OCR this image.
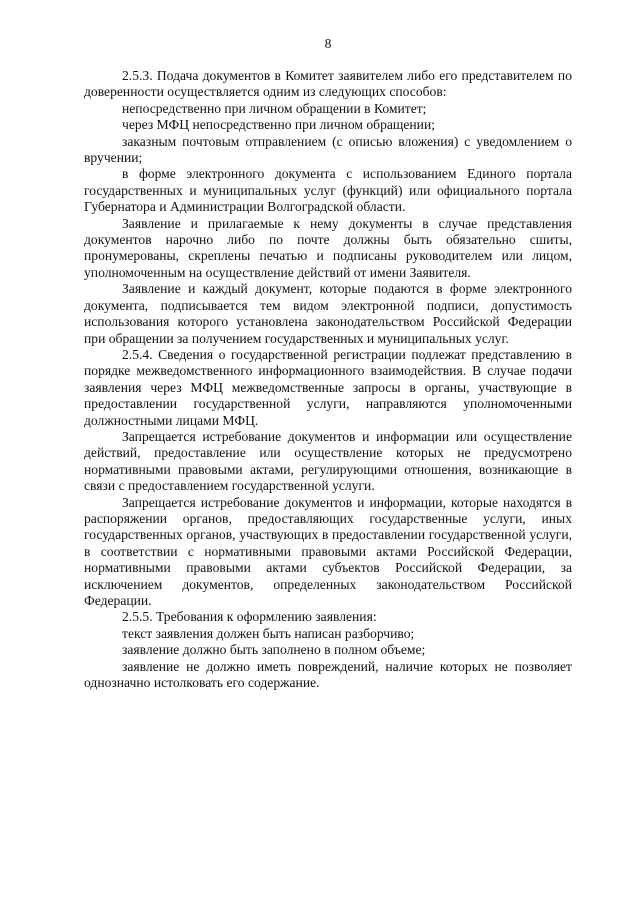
8

2.5.3. Подача документов в Комитет заявителем либо его представителем по доверенности осуществляется одним из следующих способов:

непосредственно при личном обращении в Комитет;

через МФЦ непосредственно при личном обращении;

заказным почтовым отправлением (с описью вложения) с уведомлением о вручении;

в форме электронного документа с использованием Единого портала государственных и муниципальных услуг (функций) или официального портала Губернатора и Администрации Волгоградской области.

Заявление и прилагаемые к нему документы в случае представления документов нарочно либо по почте должны быть обязательно сшиты, пронумерованы, скреплены печатью и подписаны руководителем или лицом, уполномоченным на осуществление действий от имени Заявителя.

Заявление и каждый документ, которые подаются в форме электронного документа, подписывается тем видом электронной подписи, допустимость использования которого установлена законодательством Российской Федерации при обращении за получением государственных и муниципальных услуг.

2.5.4. Сведения о государственной регистрации подлежат представлению в порядке межведомственного информационного взаимодействия. В случае подачи заявления через МФЦ межведомственные запросы в органы, участвующие в предоставлении государственной услуги, направляются уполномоченными должностными лицами МФЦ.

Запрещается истребование документов и информации или осуществление действий, предоставление или осуществление которых не предусмотрено нормативными правовыми актами, регулирующими отношения, возникающие в связи с предоставлением государственной услуги.

Запрещается истребование документов и информации, которые находятся в распоряжении органов, предоставляющих государственные услуги, иных государственных органов, участвующих в предоставлении государственной услуги, в соответствии с нормативными правовыми актами Российской Федерации, нормативными правовыми актами субъектов Российской Федерации, за исключением документов, определенных законодательством Российской Федерации.

2.5.5. Требования к оформлению заявления:

текст заявления должен быть написан разборчиво;

заявление должно быть заполнено в полном объеме;

заявление не должно иметь повреждений, наличие которых не позволяет однозначно истолковать его содержание.
